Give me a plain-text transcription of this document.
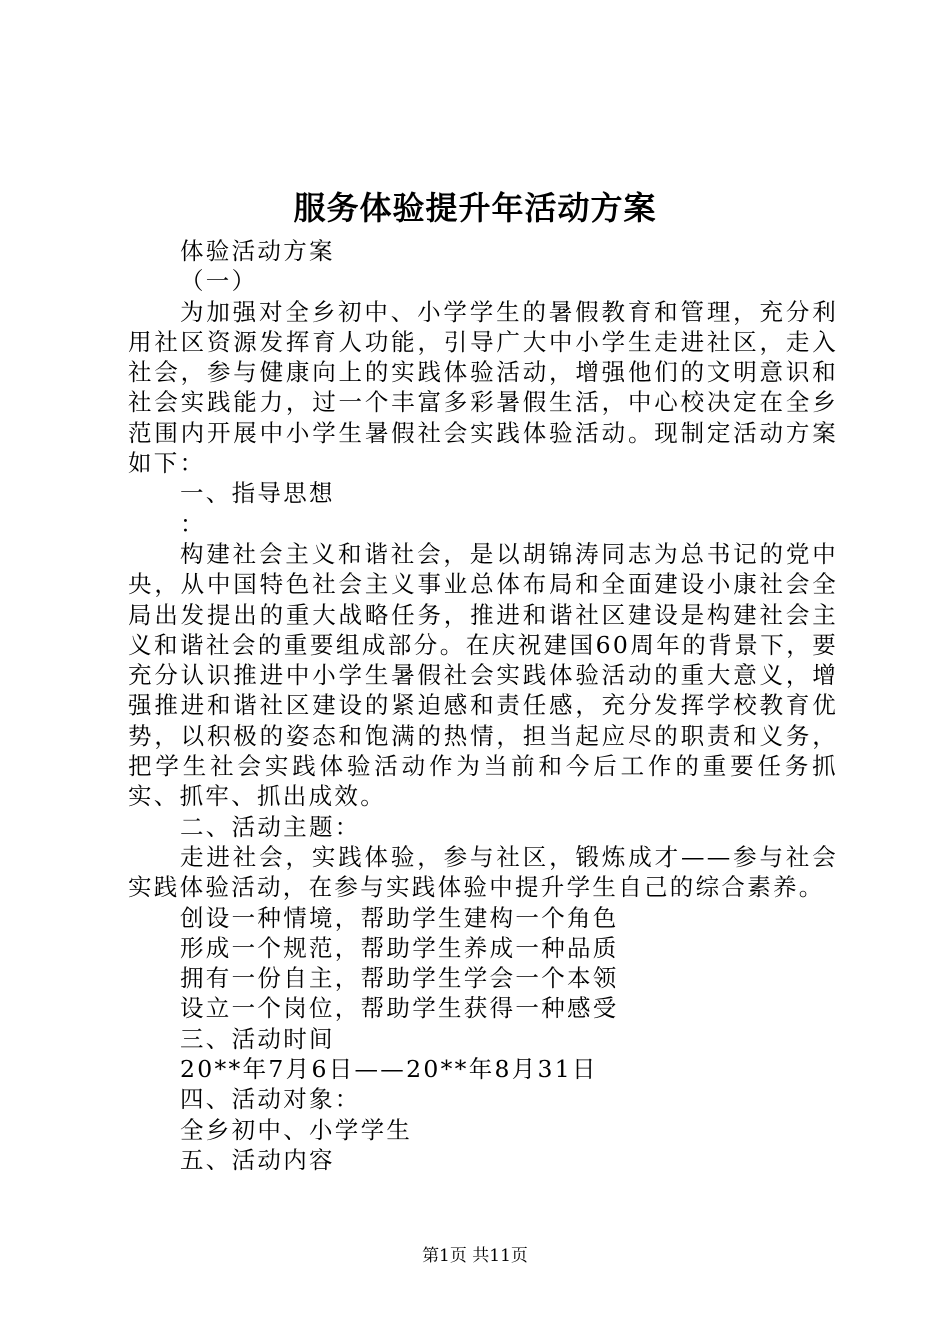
服务体验提升年活动方案

体验活动方案

（一）

为加强对全乡初中、小学学生的暑假教育和管理，充分利用社区资源发挥育人功能，引导广大中小学生走进社区，走入社会，参与健康向上的实践体验活动，增强他们的文明意识和社会实践能力，过一个丰富多彩暑假生活，中心校决定在全乡范围内开展中小学生暑假社会实践体验活动。现制定活动方案如下：

一、指导思想

：

构建社会主义和谐社会，是以胡锦涛同志为总书记的党中央，从中国特色社会主义事业总体布局和全面建设小康社会全局出发提出的重大战略任务，推进和谐社区建设是构建社会主义和谐社会的重要组成部分。在庆祝建国60周年的背景下，要充分认识推进中小学生暑假社会实践体验活动的重大意义，增强推进和谐社区建设的紧迫感和责任感，充分发挥学校教育优势，以积极的姿态和饱满的热情，担当起应尽的职责和义务，把学生社会实践体验活动作为当前和今后工作的重要任务抓实、抓牢、抓出成效。

二、活动主题：

走进社会，实践体验，参与社区，锻炼成才——参与社会实践体验活动，在参与实践体验中提升学生自己的综合素养。

创设一种情境，帮助学生建构一个角色

形成一个规范，帮助学生养成一种品质

拥有一份自主，帮助学生学会一个本领

设立一个岗位，帮助学生获得一种感受

三、活动时间

20**年7月6日——20**年8月31日

四、活动对象：

全乡初中、小学学生

五、活动内容

第1页 共11页
